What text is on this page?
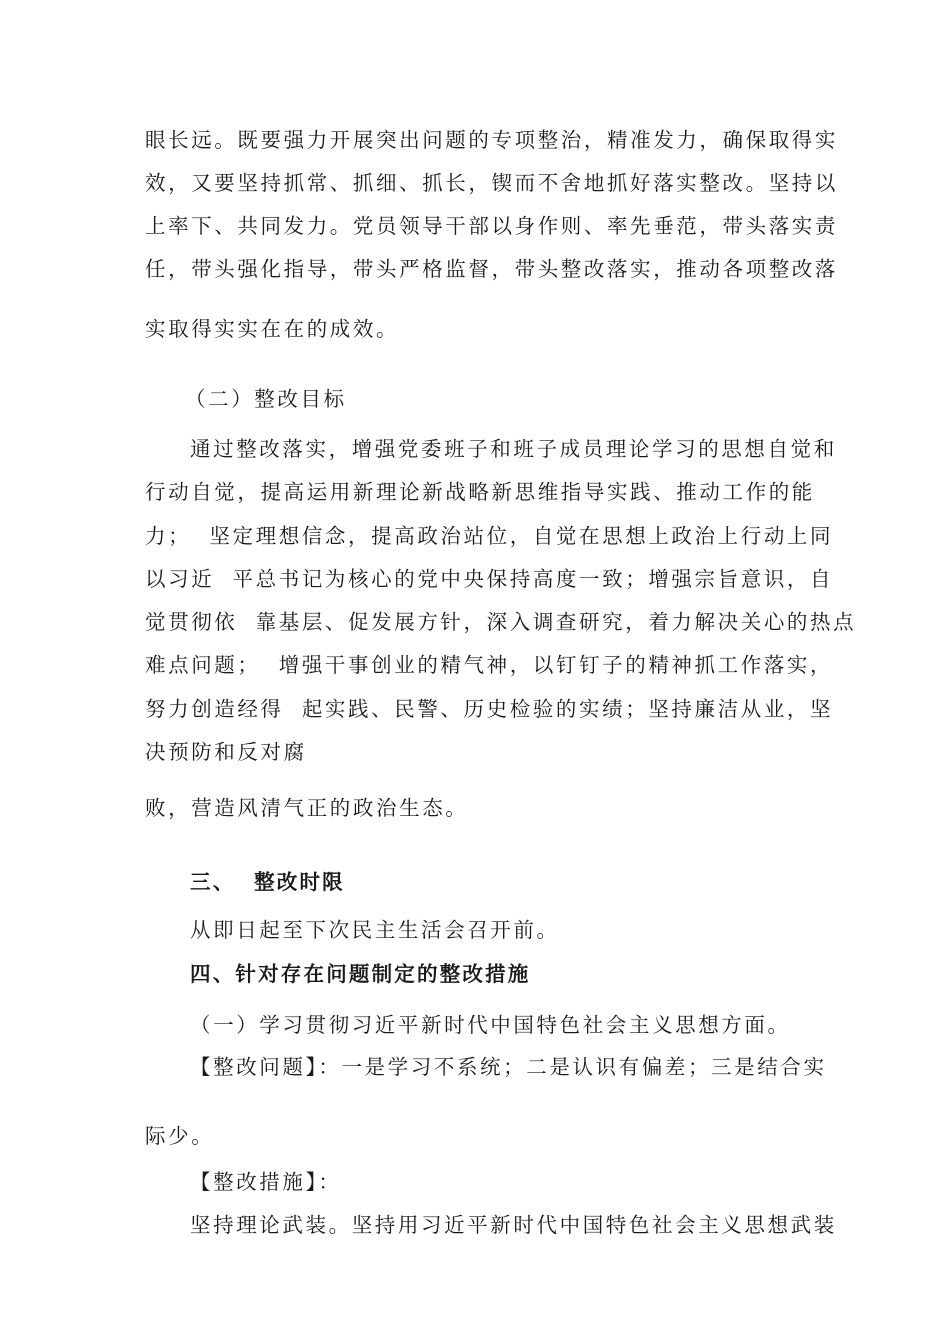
眼长远。既要强力开展突出问题的专项整治，精准发力，确保取得实
效，又要坚持抓常、抓细、抓长，锲而不舍地抓好落实整改。坚持以
上率下、共同发力。党员领导干部以身作则、率先垂范，带头落实责
任，带头强化指导，带头严格监督，带头整改落实，推动各项整改落
实取得实实在在的成效。
（二）整改目标
通过整改落实，增强党委班子和班子成员理论学习的思想自觉和
行动自觉，提高运用新理论新战略新思维指导实践、推动工作的能
力；  坚定理想信念，提高政治站位，自觉在思想上政治上行动上同
以习近  平总书记为核心的党中央保持高度一致；增强宗旨意识，自
觉贯彻依  靠基层、促发展方针，深入调查研究，着力解决关心的热点
难点问题；  增强干事创业的精气神，以钉钉子的精神抓工作落实，
努力创造经得  起实践、民警、历史检验的实绩；坚持廉洁从业，坚
决预防和反对腐
败，营造风清气正的政治生态。
三、  整改时限
从即日起至下次民主生活会召开前。
四、针对存在问题制定的整改措施
（一）学习贯彻习近平新时代中国特色社会主义思想方面。
【整改问题】：一是学习不系统；二是认识有偏差；三是结合实
际少。
【整改措施】：
坚持理论武装。坚持用习近平新时代中国特色社会主义思想武装
